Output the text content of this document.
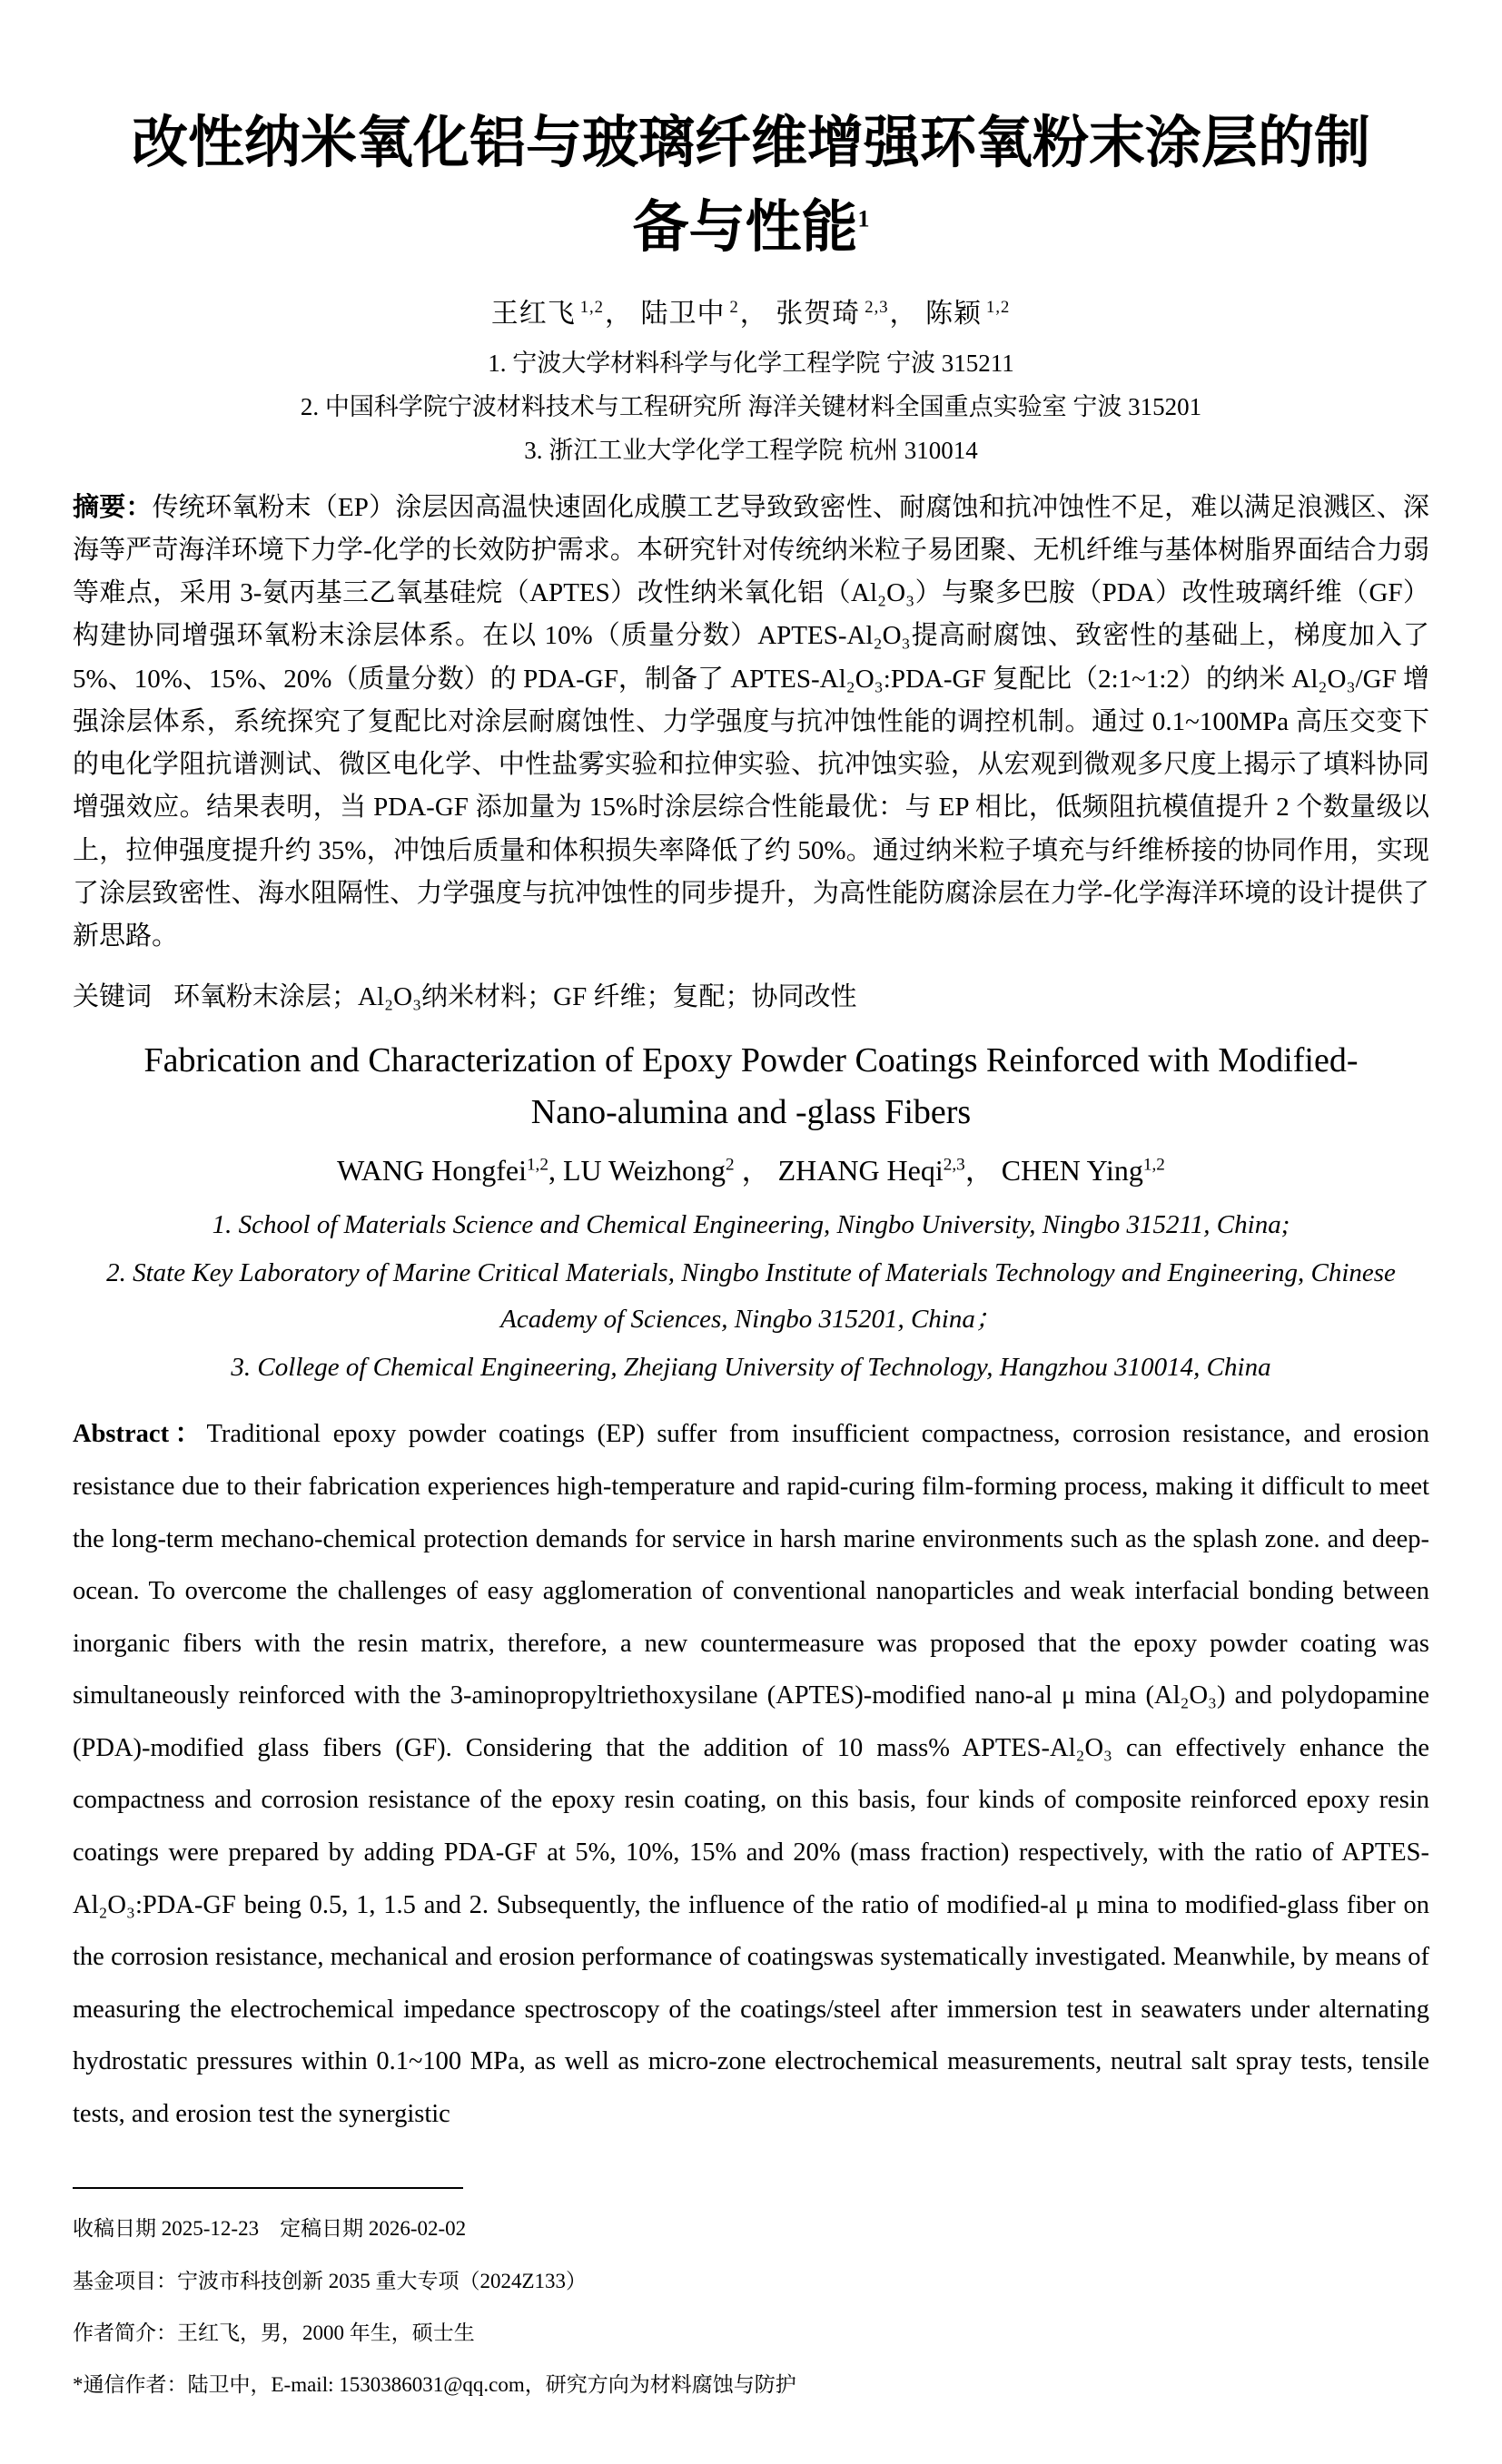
改性纳米氧化铝与玻璃纤维增强环氧粉末涂层的制备与性能$^1$
王红飞 $^{1,2}$， 陆卫中 $^2$， 张贺琦 $^{2,3}$， 陈颖 $^{1,2}$
1. 宁波大学材料科学与化学工程学院 宁波 315211
2. 中国科学院宁波材料技术与工程研究所 海洋关键材料全国重点实验室 宁波 315201
3. 浙江工业大学化学工程学院 杭州 310014

摘要：传统环氧粉末（EP）涂层因高温快速固化成膜工艺导致致密性、耐腐蚀和抗冲蚀性不足，难以满足浪溅区、深海等严苛海洋环境下力学-化学的长效防护需求。本研究针对传统纳米粒子易团聚、无机纤维与基体树脂界面结合力弱等难点，采用 3-氨丙基三乙氧基硅烷（APTES）改性纳米氧化铝（Al₂O₃）与聚多巴胺（PDA）改性玻璃纤维（GF）构建协同增强环氧粉末涂层体系。在以 10%（质量分数）APTES-Al₂O₃提高耐腐蚀、致密性的基础上，梯度加入了 5%、10%、15%、20%（质量分数）的 PDA-GF，制备了 APTES-Al₂O₃:PDA-GF 复配比（2:1~1:2）的纳米 Al₂O₃/GF 增强涂层体系，系统探究了复配比对涂层耐腐蚀性、力学强度与抗冲蚀性能的调控机制。通过 0.1~100MPa 高压交变下的电化学阻抗谱测试、微区电化学、中性盐雾实验和拉伸实验、抗冲蚀实验，从宏观到微观多尺度上揭示了填料协同增强效应。结果表明，当 PDA-GF 添加量为 15%时涂层综合性能最优：与 EP 相比，低频阻抗模值提升 2 个数量级以上，拉伸强度提升约 35%，冲蚀后质量和体积损失率降低了约 50%。通过纳米粒子填充与纤维桥接的协同作用，实现了涂层致密性、海水阻隔性、力学强度与抗冲蚀性的同步提升，为高性能防腐涂层在力学-化学海洋环境的设计提供了新思路。

关键词 环氧粉末涂层；Al₂O₃纳米材料；GF 纤维；复配；协同改性

Fabrication and Characterization of Epoxy Powder Coatings Reinforced with Modified-Nano-alumina and -glass Fibers
WANG Hongfei$^{1,2}$, LU Weizhong$^2$ ， ZHANG Heqi$^{2,3}$， CHEN Ying$^{1,2}$
1. School of Materials Science and Chemical Engineering, Ningbo University, Ningbo 315211, China;
2. State Key Laboratory of Marine Critical Materials, Ningbo Institute of Materials Technology and Engineering, Chinese Academy of Sciences, Ningbo 315201, China；
3. College of Chemical Engineering, Zhejiang University of Technology, Hangzhou 310014, China

Abstract：Traditional epoxy powder coatings (EP) suffer from insufficient compactness, corrosion resistance, and erosion resistance due to their fabrication experiences high-temperature and rapid-curing film-forming process, making it difficult to meet the long-term mechano-chemical protection demands for service in harsh marine environments such as the splash zone. and deep-ocean. To overcome the challenges of easy agglomeration of conventional nanoparticles and weak interfacial bonding between inorganic fibers with the resin matrix, therefore, a new countermeasure was proposed that the epoxy powder coating was simultaneously reinforced with the 3-aminopropyltriethoxysilane (APTES)-modified nano-al μ mina (Al₂O₃) and polydopamine (PDA)-modified glass fibers (GF). Considering that the addition of 10 mass% APTES-Al₂O₃ can effectively enhance the compactness and corrosion resistance of the epoxy resin coating, on this basis, four kinds of composite reinforced epoxy resin coatings were prepared by adding PDA-GF at 5%, 10%, 15% and 20% (mass fraction) respectively, with the ratio of APTES-Al₂O₃:PDA-GF being 0.5, 1, 1.5 and 2. Subsequently, the influence of the ratio of modified-al μ mina to modified-glass fiber on the corrosion resistance, mechanical and erosion performance of coatingswas systematically investigated. Meanwhile, by means of measuring the electrochemical impedance spectroscopy of the coatings/steel after immersion test in seawaters under alternating hydrostatic pressures within 0.1~100 MPa, as well as micro-zone electrochemical measurements, neutral salt spray tests, tensile tests, and erosion test the synergistic

收稿日期 2025-12-23　定稿日期 2026-02-02
基金项目：宁波市科技创新 2035 重大专项（2024Z133）
作者简介：王红飞，男，2000 年生，硕士生
*通信作者：陆卫中，E-mail: 1530386031@qq.com，研究方向为材料腐蚀与防护
